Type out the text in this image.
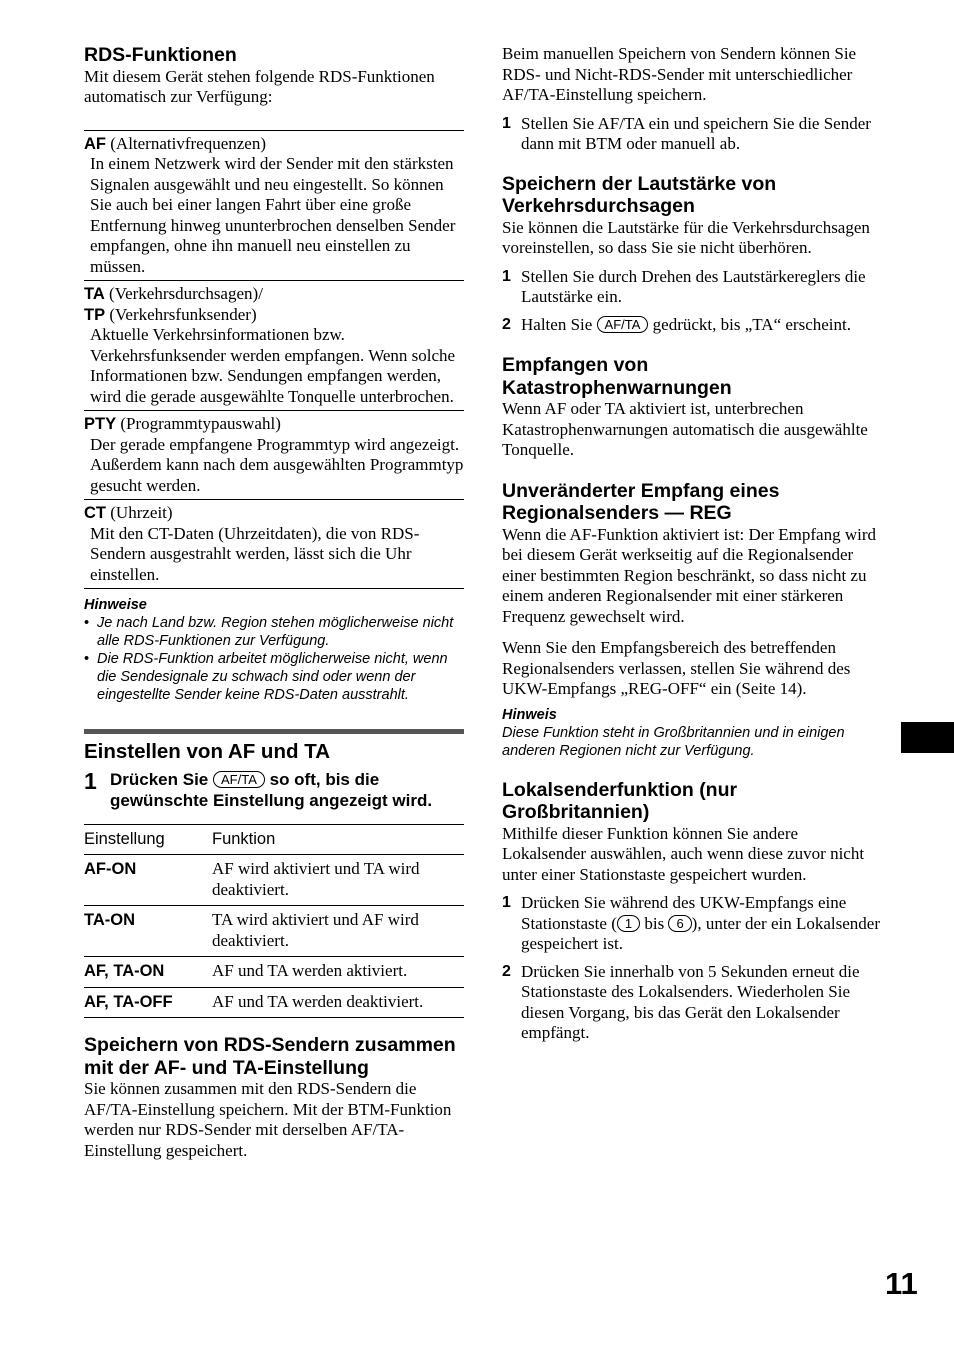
RDS-Funktionen

Mit diesem Gerät stehen folgende RDS-Funktionen automatisch zur Verfügung:

AF (Alternativfrequenzen)
In einem Netzwerk wird der Sender mit den stärksten Signalen ausgewählt und neu eingestellt. So können Sie auch bei einer langen Fahrt über eine große Entfernung hinweg ununterbrochen denselben Sender empfangen, ohne ihn manuell neu einstellen zu müssen.
TA (Verkehrsdurchsagen)/
TP (Verkehrsfunksender)
Aktuelle Verkehrsinformationen bzw. Verkehrsfunksender werden empfangen. Wenn solche Informationen bzw. Sendungen empfangen werden, wird die gerade ausgewählte Tonquelle unterbrochen.
PTY (Programmtypauswahl)
Der gerade empfangene Programmtyp wird angezeigt. Außerdem kann nach dem ausgewählten Programmtyp gesucht werden.
CT (Uhrzeit)
Mit den CT-Daten (Uhrzeitdaten), die von RDS-Sendern ausgestrahlt werden, lässt sich die Uhr einstellen.
Hinweise
• Je nach Land bzw. Region stehen möglicherweise nicht alle RDS-Funktionen zur Verfügung.
• Die RDS-Funktion arbeitet möglicherweise nicht, wenn die Sendesignale zu schwach sind oder wenn der eingestellte Sender keine RDS-Daten ausstrahlt.
Einstellen von AF und TA
1 Drücken Sie AF/TA so oft, bis die gewünschte Einstellung angezeigt wird.
Einstellung	Funktion
AF-ON	AF wird aktiviert und TA wird deaktiviert.
TA-ON	TA wird aktiviert und AF wird deaktiviert.
AF, TA-ON	AF und TA werden aktiviert.
AF, TA-OFF	AF und TA werden deaktiviert.
Speichern von RDS-Sendern zusammen mit der AF- und TA-Einstellung

Sie können zusammen mit den RDS-Sendern die AF/TA-Einstellung speichern. Mit der BTM-Funktion werden nur RDS-Sender mit derselben AF/TA-Einstellung gespeichert.

Beim manuellen Speichern von Sendern können Sie RDS- und Nicht-RDS-Sender mit unterschiedlicher AF/TA-Einstellung speichern.

1 Stellen Sie AF/TA ein und speichern Sie die Sender dann mit BTM oder manuell ab.
Speichern der Lautstärke von Verkehrsdurchsagen

Sie können die Lautstärke für die Verkehrsdurchsagen voreinstellen, so dass Sie sie nicht überhören.

1 Stellen Sie durch Drehen des Lautstärkereglers die Lautstärke ein.
2 Halten Sie AF/TA gedrückt, bis „TA“ erscheint.
Empfangen von Katastrophenwarnungen

Wenn AF oder TA aktiviert ist, unterbrechen Katastrophenwarnungen automatisch die ausgewählte Tonquelle.

Unveränderter Empfang eines Regionalsenders — REG

Wenn die AF-Funktion aktiviert ist: Der Empfang wird bei diesem Gerät werkseitig auf die Regionalsender einer bestimmten Region beschränkt, so dass nicht zu einem anderen Regionalsender mit einer stärkeren Frequenz gewechselt wird.

Wenn Sie den Empfangsbereich des betreffenden Regionalsenders verlassen, stellen Sie während des UKW-Empfangs „REG-OFF“ ein (Seite 14).

Hinweis
Diese Funktion steht in Großbritannien und in einigen anderen Regionen nicht zur Verfügung.
Lokalsenderfunktion (nur Großbritannien)

Mithilfe dieser Funktion können Sie andere Lokalsender auswählen, auch wenn diese zuvor nicht unter einer Stationstaste gespeichert wurden.

1 Drücken Sie während des UKW-Empfangs eine Stationstaste ( 1 bis 6 ), unter der ein Lokalsender gespeichert ist.
2 Drücken Sie innerhalb von 5 Sekunden erneut die Stationstaste des Lokalsenders. Wiederholen Sie diesen Vorgang, bis das Gerät den Lokalsender empfängt.
11
